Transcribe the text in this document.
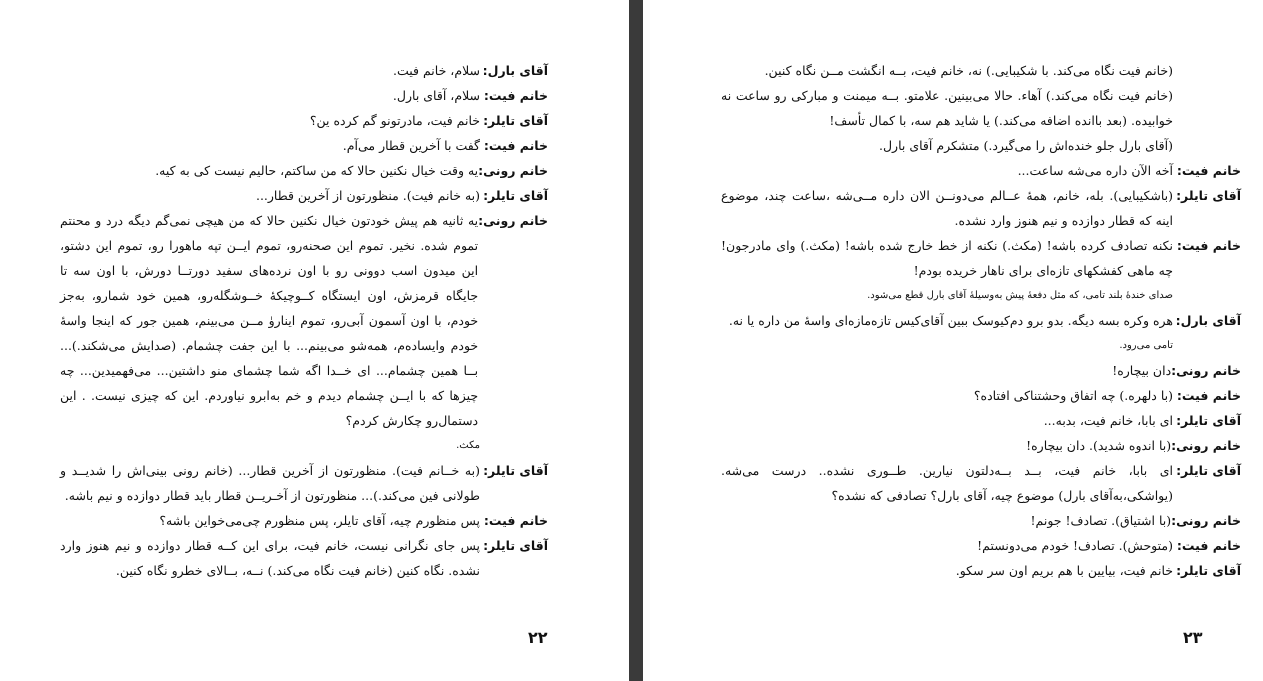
آقای بارل:
سلام، خانم فیت.
خانم فیت:
سلام، آقای بارل.
آقای تایلر:
خانم فیت، مادرتونو گم کرده ین؟
خانم فیت:
گفت با آخرین قطار می‌آم.
خانم رونی:
یه وقت خیال نکنین حالا که من ساکتم، حالیم نیست کی به کیه.
آقای تایلر:
(به خانم فیت). منظورتون از آخرین قطار...
خانم رونی:
یه ثانیه هم پیش خودتون خیال نکنین حالا که من هیچی نمی‌گم دیگه درد و محنتم تموم شده. نخیر. تموم این صحنه‌رو، تموم ایــن تپه ماهورا رو، تموم این دشتو، این میدون اسب دوونی رو با اون نرده‌های سفید دورتــا دورش، با اون سه تا جایگاه قرمزش، اون ایستگاه کــوچیکهٔ خــوشگله‌رو، همین خود شمارو، به‌جز خودم، با اون آسمون آبی‌رو، تموم ایناروٰ مــن می‌بینم، همین جور که اینجا واسهٔ خودم وایساده‌م، همه‌شو می‌بینم... با این جفت چشمام. (صدایش می‌شکند.)... بــا همین چشمام... ای خــدا اگه شما چشمای منو داشتین... می‌فهمیدین... چه چیزها که با ایــن چشمام دیدم و خم به‌ابرو نیاوردم. این که چیزی نیست. . این دستمال‌رو چکارش کردم؟
مکث.
آقای تایلر:
(به خــانم فیت). منظورتون از آخرین قطار... (خانم رونی بینی‌اش را شدیــد و طولانی فین می‌کند.)... منظورتون از آخـریــن قطار باید قطار دوازده و نیم باشه.
خانم فیت:
پس منظورم چیه، آقای تایلر، پس منظورم چی‌می‌خواین باشه؟
آقای تایلر:
پس جای نگرانی نیست، خانم فیت، برای این کــه قطار دوازده و نیم هنوز وارد نشده. نگاه کنین (خانم فیت نگاه می‌کند.) نــه، بــالای خطرو نگاه کنین.
۲۲
(خانم فیت نگاه می‌کند. با شکیبایی.) نه، خانم فیت، بــه انگشت مــن نگاه کنین.
(خانم فیت نگاه می‌کند.) آهاء. حالا می‌بینین. علامتو. بــه میمنت و مبارکی رو ساعت نه خوابیده. (بعد باانده اضافه می‌کند.) یا شاید هم سه، با کمال تأسف!
(آقای بارل جلو خنده‌اش را می‌گیرد.) متشکرم آقای بارل.
خانم فیت:
آخه الآن داره می‌شه ساعت...
آقای تایلر:
(باشکیبایی). بله، خانم، همهٔ عــالم می‌دونــن الان داره مــی‌شه ،ساعت چند، موضوع اینه که قطار دوازده و نیم هنوز وارد نشده.
خانم فیت:
نکنه تصادف کرده باشه! (مکث.) نکنه از خط خارج شده باشه! (مکث.) وای مادرجون! چه ماهی کفشکهای تازه‌ای برای ناهار خریده بودم!
صدای خندهٔ بلند تامی، که مثل دفعهٔ پیش به‌وسیلهٔ آقای بارل قطع می‌شود.
آقای بارل:
هره وکره بسه دیگه. بدو برو دم‌کیوسک ببین آقای‌کیس تازه‌مازه‌ای واسهٔ من داره یا نه.
تامی می‌رود.
خانم رونی:
دان بیچاره!
خانم فیت:
(با دلهره.) چه اتفاق وحشتناکی افتاده؟
آقای تایلر:
ای بابا، خانم فیت، بدبه...
خانم رونی:
(با اندوه شدید). دان بیچاره!
آقای تایلر:
ای بابا، خانم فیت، بــد بــه‌دلتون نیارین. طــوری نشده.. درست می‌شه. (یواشکی،به‌آقای بارل) موضوع چیه، آقای بارل؟ تصادفی که نشده؟
خانم رونی:
(با اشتیاق). تصادف! جونم!
خانم فیت:
(متوحش). تصادف! خودم می‌دونستم!
آقای تایلر:
خانم فیت، بیایین با هم بریم اون سر سکو.
۲۳
